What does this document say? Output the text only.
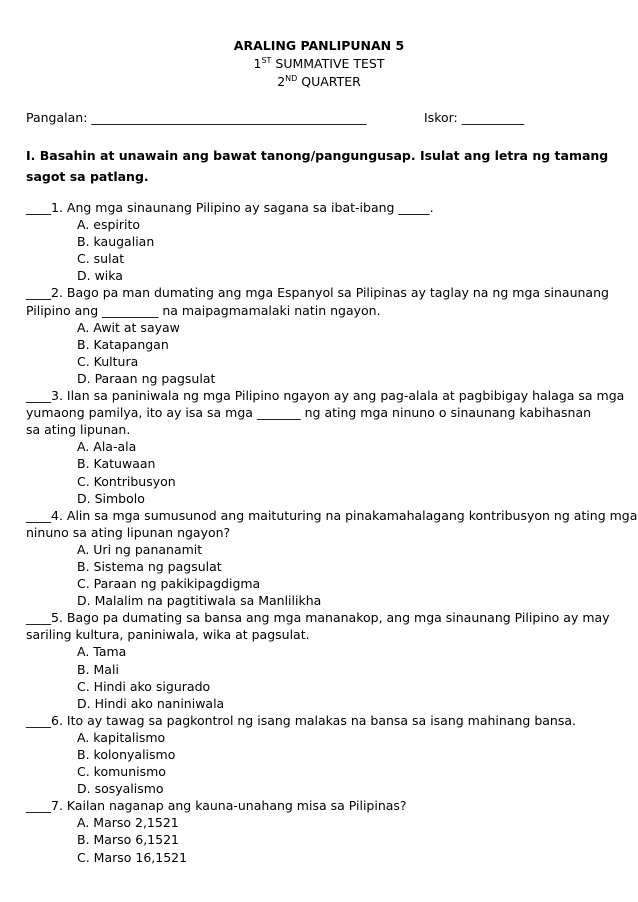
ARALING PANLIPUNAN 5
1ST SUMMATIVE TEST
2ND QUARTER
Pangalan: ____________________________________________	Iskor: __________
I. Basahin at unawain ang bawat tanong/pangungusap. Isulat ang letra ng tamang sagot sa patlang.
____1. Ang mga sinaunang Pilipino ay sagana sa ibat-ibang _____.
A. espirito
B. kaugalian
C. sulat
D. wika
____2. Bago pa man dumating ang mga Espanyol sa Pilipinas ay taglay na ng mga sinaunang
Pilipino ang _________ na maipagmamalaki natin ngayon.
A. Awit at sayaw
B. Katapangan
C. Kultura
D. Paraan ng pagsulat
____3. Ilan sa paniniwala ng mga Pilipino ngayon ay ang pag-alala at pagbibigay halaga sa mga
yumaong pamilya, ito ay isa sa mga _______ ng ating mga ninuno o sinaunang kabihasnan
sa ating lipunan.
A. Ala-ala
B. Katuwaan
C. Kontribusyon
D. Simbolo
____4. Alin sa mga sumusunod ang maituturing na pinakamahalagang kontribusyon ng ating mga
ninuno sa ating lipunan ngayon?
A. Uri ng pananamit
B. Sistema ng pagsulat
C. Paraan ng pakikipagdigma
D. Malalim na pagtitiwala sa Manlilikha
____5. Bago pa dumating sa bansa ang mga mananakop, ang mga sinaunang Pilipino ay may
sariling kultura, paniniwala, wika at pagsulat.
A. Tama
B. Mali
C. Hindi ako sigurado
D. Hindi ako naniniwala
____6. Ito ay tawag sa pagkontrol ng isang malakas na bansa sa isang mahinang bansa.
A. kapitalismo
B. kolonyalismo
C. komunismo
D. sosyalismo
____7. Kailan naganap ang kauna-unahang misa sa Pilipinas?
A. Marso 2,1521
B. Marso 6,1521
C. Marso 16,1521
